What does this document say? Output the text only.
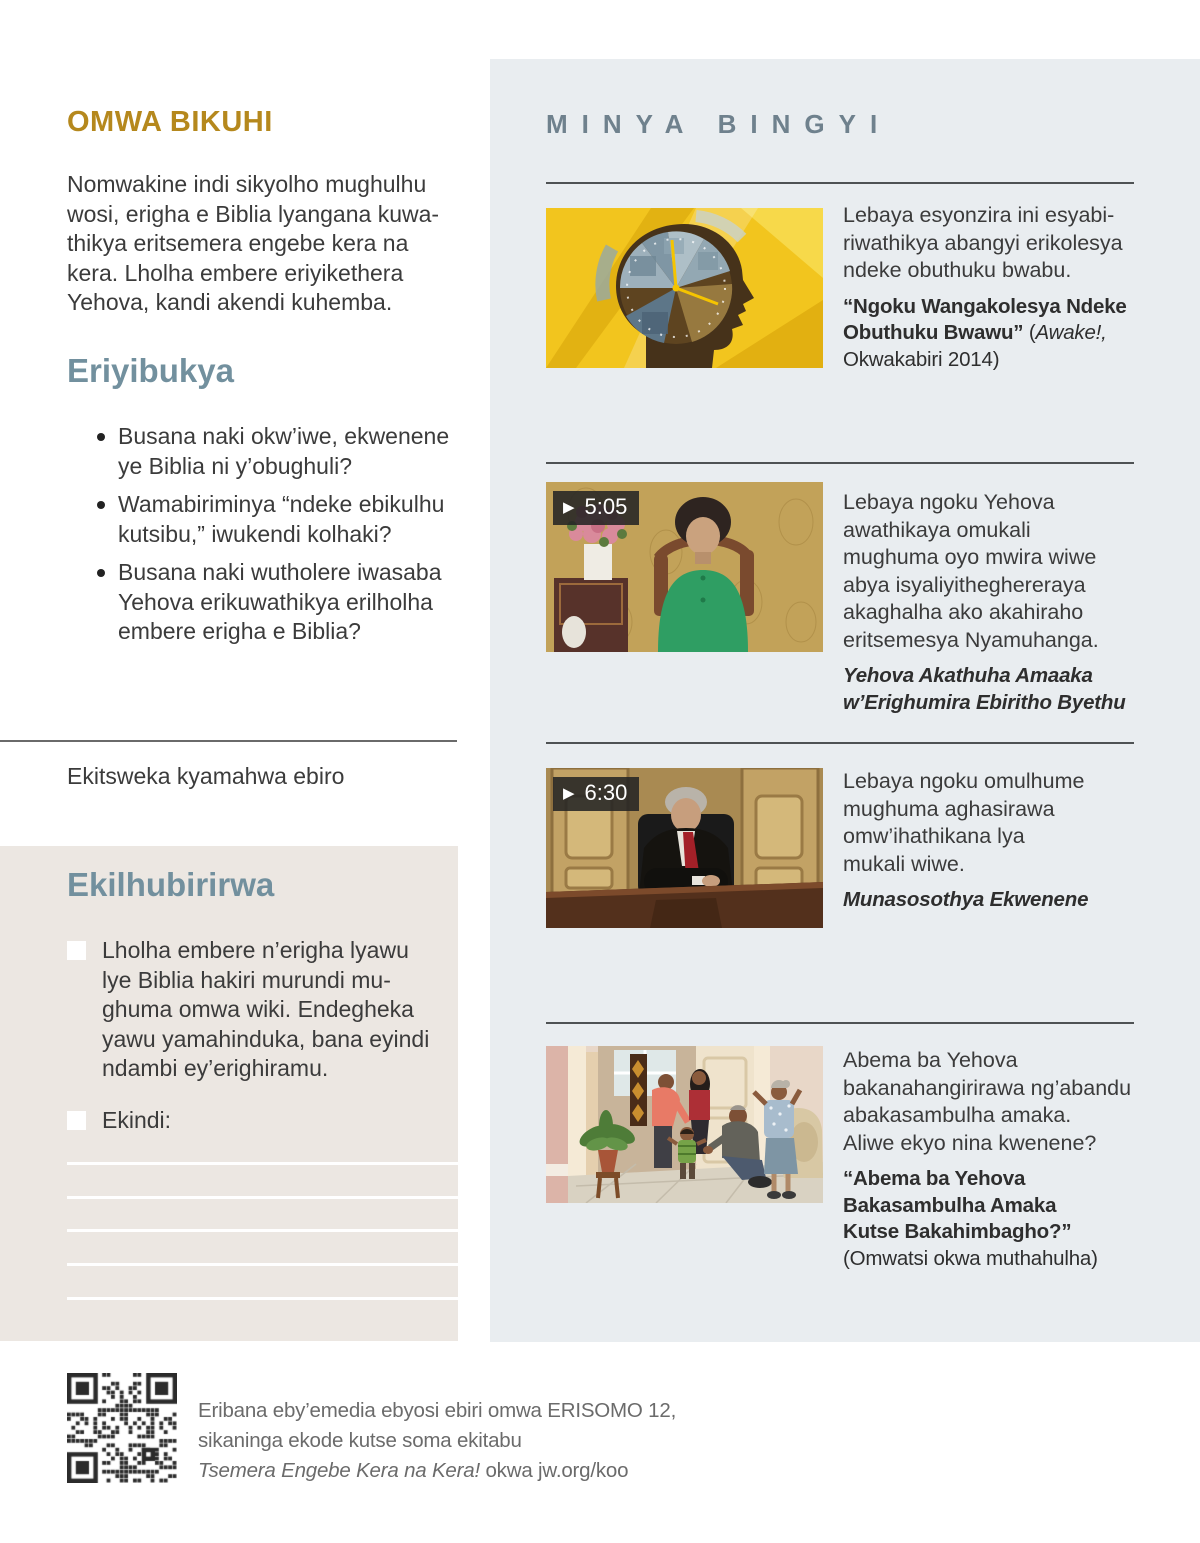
OMWA BIKUHI
Nomwakine indi sikyolho mughulhu
wosi, erigha e Biblia lyangana kuwa-
thikya eritsemera engebe kera na
kera. Lholha embere eriyikethera
Yehova, kandi akendi kuhemba.
Eriyibukya
Busana naki okw’iwe, ekwenene
ye Biblia ni y’obughuli?
Wamabiriminya “ndeke ebikulhu
kutsibu,” iwukendi kolhaki?
Busana naki wutholere iwasaba
Yehova erikuwathikya erilholha
embere erigha e Biblia?
Ekitsweka kyamahwa ebiro
Ekilhubirirwa
Lholha embere n’erigha lyawu
lye Biblia hakiri murundi mu-
ghuma omwa wiki. Endegheka
yawu yamahinduka, bana eyindi
ndambi ey’erighiramu.
Ekindi:
Eribana eby’emedia ebyosi ebiri omwa ERISOMO 12,
sikaninga ekode kutse soma ekitabu
Tsemera Engebe Kera na Kera! okwa jw.org/koo
MINYA BINGYI
Lebaya esyonzira ini esyabi-
riwathikya abangyi erikolesya
ndeke obuthuku bwabu.
“Ngoku Wangakolesya Ndeke
Obuthuku Bwawu” (Awake!,
Okwakabiri 2014)
▶ 5:05	Lebaya ngoku Yehova
awathikaya omukali
mughuma oyo mwira wiwe
abya isyaliyitheghereraya
akaghalha ako akahiraho
eritsemesya Nyamuhanga.
Yehova Akathuha Amaaka
w’Erighumira Ebiritho Byethu
▶ 6:30	Lebaya ngoku omulhume
mughuma aghasirawa
omw’ihathikana lya
mukali wiwe.
Munasosothya Ekwenene
Abema ba Yehova
bakanahangirirawa ng’abandu
abakasambulha amaka.
Aliwe ekyo nina kwenene?
“Abema ba Yehova
Bakasambulha Amaka
Kutse Bakahimbagho?”
(Omwatsi okwa muthahulha)
